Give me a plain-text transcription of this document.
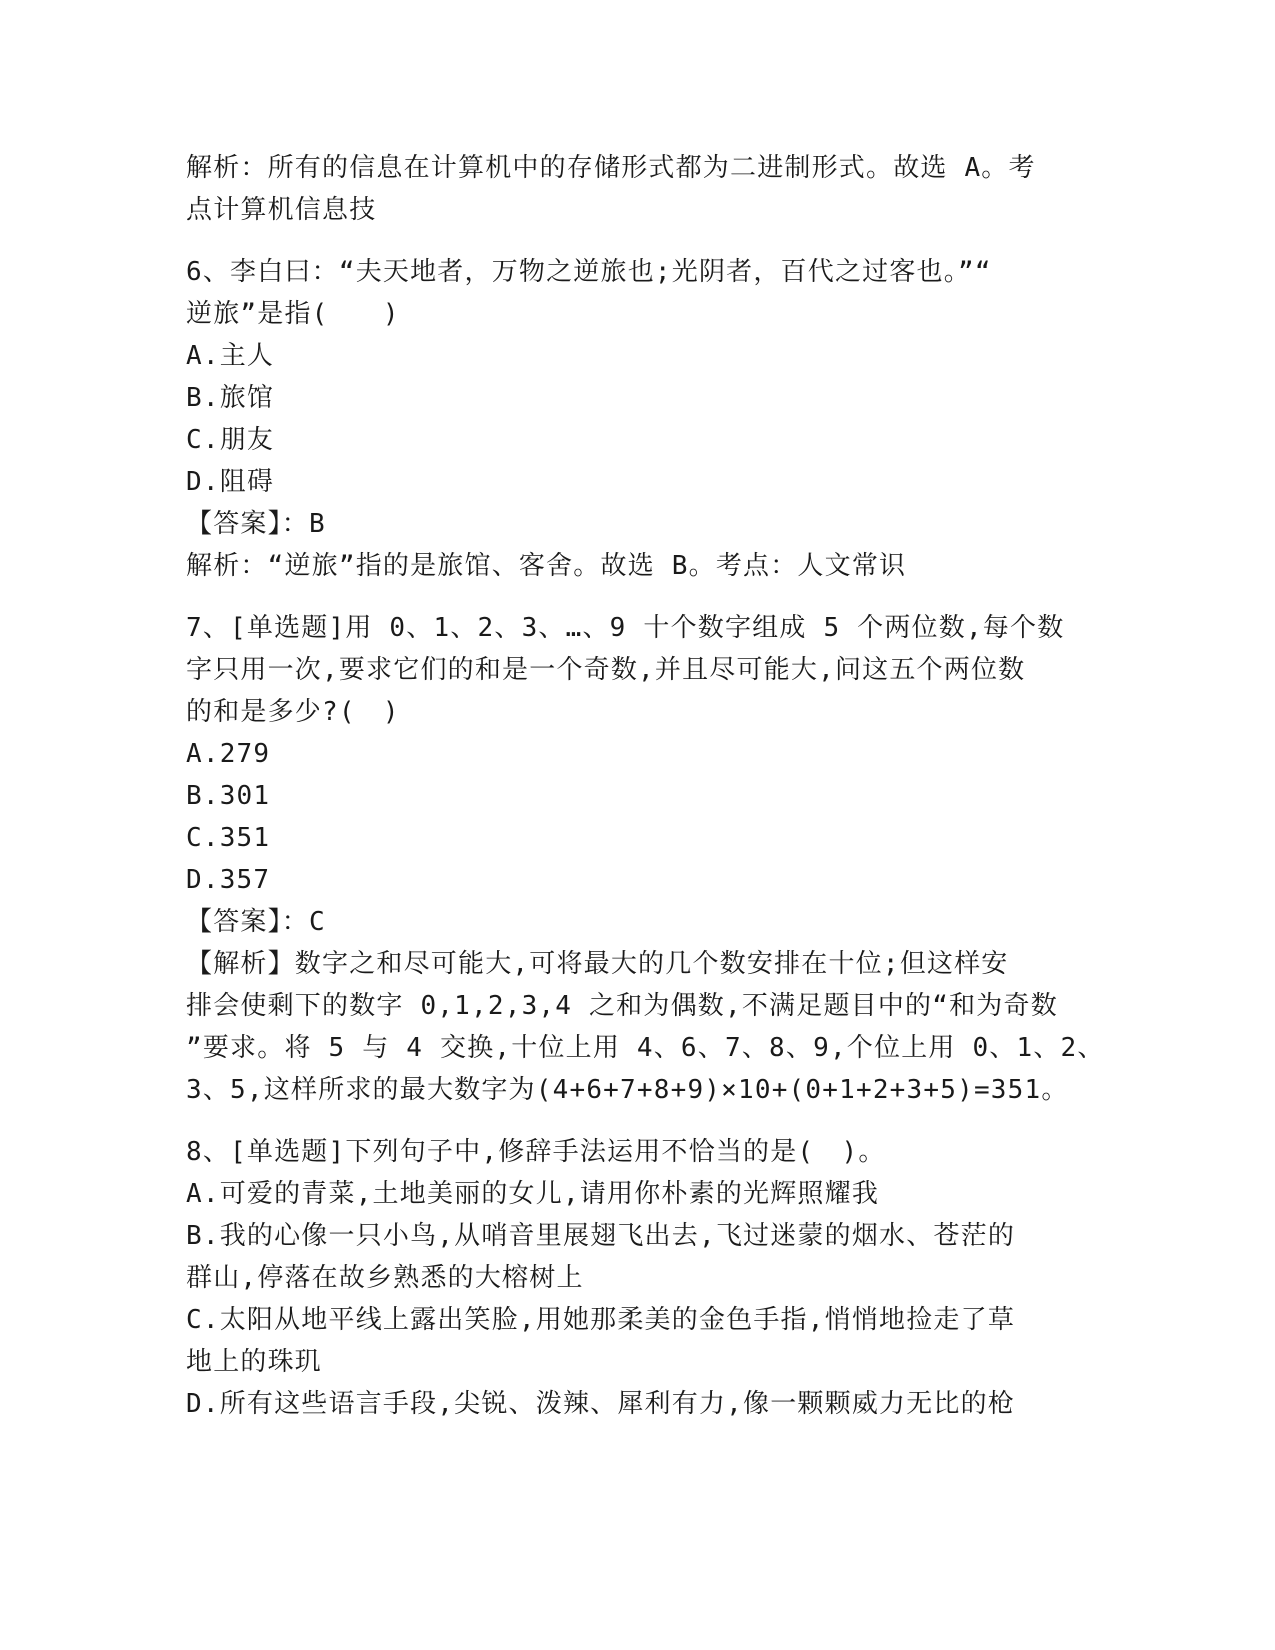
解析：所有的信息在计算机中的存储形式都为二进制形式。故选 A。考
点计算机信息技
6、李白曰：“夫天地者，万物之逆旅也;光阴者，百代之过客也。”“
逆旅”是指(　　)
A.主人
B.旅馆
C.朋友
D.阻碍
【答案】：B
解析：“逆旅”指的是旅馆、客舍。故选 B。考点：人文常识
7、[单选题]用 0、1、2、3、…、9 十个数字组成 5 个两位数,每个数
字只用一次,要求它们的和是一个奇数,并且尽可能大,问这五个两位数
的和是多少?(　)
A.279
B.301
C.351
D.357
【答案】：C
【解析】数字之和尽可能大,可将最大的几个数安排在十位;但这样安
排会使剩下的数字 0,1,2,3,4 之和为偶数,不满足题目中的“和为奇数
”要求。将 5 与 4 交换,十位上用 4、6、7、8、9,个位上用 0、1、2、
3、5,这样所求的最大数字为(4+6+7+8+9)×10+(0+1+2+3+5)=351。
8、[单选题]下列句子中,修辞手法运用不恰当的是(　)。
A.可爱的青菜,土地美丽的女儿,请用你朴素的光辉照耀我
B.我的心像一只小鸟,从哨音里展翅飞出去,飞过迷蒙的烟水、苍茫的
群山,停落在故乡熟悉的大榕树上
C.太阳从地平线上露出笑脸,用她那柔美的金色手指,悄悄地捡走了草
地上的珠玑
D.所有这些语言手段,尖锐、泼辣、犀利有力,像一颗颗威力无比的枪
